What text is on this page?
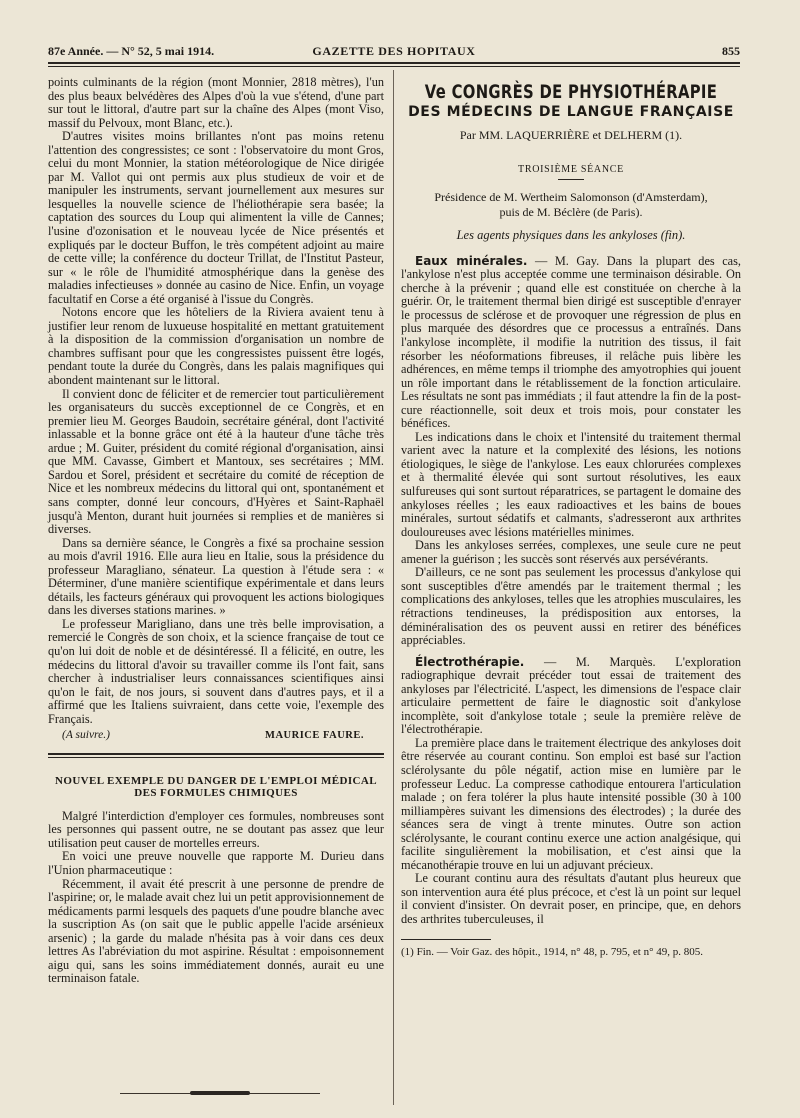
87e Année. — N° 52, 5 mai 1914.	GAZETTE DES HOPITAUX	855

points culminants de la région (mont Monnier, 2818 mètres), l'un des plus beaux belvédères des Alpes d'où la vue s'étend, d'une part sur tout le littoral, d'autre part sur la chaîne des Alpes (mont Viso, massif du Pelvoux, mont Blanc, etc.).

D'autres visites moins brillantes n'ont pas moins retenu l'attention des congressistes; ce sont : l'observatoire du mont Gros, celui du mont Monnier, la station météorologique de Nice dirigée par M. Vallot qui ont permis aux plus studieux de voir et de manipuler les instruments, servant journellement aux mesures sur lesquelles la nouvelle science de l'héliothérapie sera basée; la captation des sources du Loup qui alimentent la ville de Cannes; l'usine d'ozonisation et le nouveau lycée de Nice présentés et expliqués par le docteur Buffon, le très compétent adjoint au maire de cette ville; la conférence du docteur Trillat, de l'Institut Pasteur, sur « le rôle de l'humidité atmosphérique dans la genèse des maladies infectieuses » donnée au casino de Nice. Enfin, un voyage facultatif en Corse a été organisé à l'issue du Congrès.

Notons encore que les hôteliers de la Riviera avaient tenu à justifier leur renom de luxueuse hospitalité en mettant gratuitement à la disposition de la commission d'organisation un nombre de chambres suffisant pour que les congressistes puissent être logés, pendant toute la durée du Congrès, dans les palais magnifiques qui abondent maintenant sur le littoral.

Il convient donc de féliciter et de remercier tout particulièrement les organisateurs du succès exceptionnel de ce Congrès, et en premier lieu M. Georges Baudoin, secrétaire général, dont l'activité inlassable et la bonne grâce ont été à la hauteur d'une tâche très ardue ; M. Guiter, président du comité régional d'organisation, ainsi que MM. Cavasse, Gimbert et Mantoux, ses secrétaires ; MM. Sardou et Sorel, président et secrétaire du comité de réception de Nice et les nombreux médecins du littoral qui ont, spontanément et sans compter, donné leur concours, d'Hyères et Saint-Raphaël jusqu'à Menton, durant huit journées si remplies et de manières si diverses.

Dans sa dernière séance, le Congrès a fixé sa prochaine session au mois d'avril 1916. Elle aura lieu en Italie, sous la présidence du professeur Maragliano, sénateur. La question à l'étude sera : « Déterminer, d'une manière scientifique expérimentale et dans leurs détails, les facteurs généraux qui provoquent les actions biologiques dans les diverses stations marines. »

Le professeur Marigliano, dans une très belle improvisation, a remercié le Congrès de son choix, et la science française de tout ce qu'on lui doit de noble et de désintéressé. Il a félicité, en outre, les médecins du littoral d'avoir su travailler comme ils l'ont fait, sans chercher à industrialiser leurs connaissances scientifiques ainsi qu'on le fait, de nos jours, si souvent dans d'autres pays, et il a affirmé que les Italiens suivraient, dans cette voie, l'exemple des Français.

(A suivre.)	MAURICE FAURE.
NOUVEL EXEMPLE DU DANGER DE L'EMPLOI MÉDICAL
DES FORMULES CHIMIQUES

Malgré l'interdiction d'employer ces formules, nombreuses sont les personnes qui passent outre, ne se doutant pas assez que leur utilisation peut causer de mortelles erreurs.

En voici une preuve nouvelle que rapporte M. Durieu dans l'Union pharmaceutique :

Récemment, il avait été prescrit à une personne de prendre de l'aspirine; or, le malade avait chez lui un petit approvisionnement de médicaments parmi lesquels des paquets d'une poudre blanche avec la suscription As (on sait que le public appelle l'acide arsénieux arsenic) ; la garde du malade n'hésita pas à voir dans ces deux lettres As l'abréviation du mot aspirine. Résultat : empoisonnement aigu qui, sans les soins immédiatement donnés, aurait eu une terminaison fatale.

Ve CONGRÈS DE PHYSIOTHÉRAPIE
DES MÉDECINS DE LANGUE FRANÇAISE
Par MM. LAQUERRIÈRE et DELHERM (1).
TROISIÈME SÉANCE
Présidence de M. Wertheim Salomonson (d'Amsterdam),
puis de M. Béclère (de Paris).
Les agents physiques dans les ankyloses (fin).

Eaux minérales. — M. Gay. Dans la plupart des cas, l'ankylose n'est plus acceptée comme une terminaison désirable. On cherche à la prévenir ; quand elle est constituée on cherche à la guérir. Or, le traitement thermal bien dirigé est susceptible d'enrayer le processus de sclérose et de provoquer une régression de plus en plus marquée des désordres que ce processus a entraînés. Dans l'ankylose incomplète, il modifie la nutrition des tissus, il fait résorber les néoformations fibreuses, il relâche puis libère les adhérences, en même temps il triomphe des amyotrophies qui jouent un rôle important dans le rétablissement de la fonction articulaire. Les résultats ne sont pas immédiats ; il faut attendre la fin de la post-cure réactionnelle, soit deux et trois mois, pour constater les bénéfices.

Les indications dans le choix et l'intensité du traitement thermal varient avec la nature et la complexité des lésions, les notions étiologiques, le siège de l'ankylose. Les eaux chlorurées complexes et à thermalité élevée qui sont surtout résolutives, les eaux sulfureuses qui sont surtout réparatrices, se partagent le domaine des ankyloses réelles ; les eaux radioactives et les bains de boues minérales, surtout sédatifs et calmants, s'adresseront aux arthrites douloureuses avec lésions matérielles minimes.

Dans les ankyloses serrées, complexes, une seule cure ne peut amener la guérison ; les succès sont réservés aux persévérants.

D'ailleurs, ce ne sont pas seulement les processus d'ankylose qui sont susceptibles d'être amendés par le traitement thermal ; les complications des ankyloses, telles que les atrophies musculaires, les rétractions tendineuses, la prédisposition aux entorses, la déminéralisation des os peuvent aussi en retirer des bénéfices appréciables.

Électrothérapie. — M. Marquès. L'exploration radiographique devrait précéder tout essai de traitement des ankyloses par l'électricité. L'aspect, les dimensions de l'espace clair articulaire permettent de faire le diagnostic soit d'ankylose incomplète, soit d'ankylose totale ; seule la première relève de l'électrothérapie.

La première place dans le traitement électrique des ankyloses doit être réservée au courant continu. Son emploi est basé sur l'action sclérolysante du pôle négatif, action mise en lumière par le professeur Leduc. La compresse cathodique entourera l'articulation malade ; on fera tolérer la plus haute intensité possible (30 à 100 milliampères suivant les dimensions des électrodes) ; la durée des séances sera de vingt à trente minutes. Outre son action sclérolysante, le courant continu exerce une action analgésique, qui facilite singulièrement la mobilisation, et c'est ainsi que la mécanothérapie trouve en lui un adjuvant précieux.

Le courant continu aura des résultats d'autant plus heureux que son intervention aura été plus précoce, et c'est là un point sur lequel il convient d'insister. On devrait poser, en principe, que, en dehors des arthrites tuberculeuses, il

(1) Fin. — Voir Gaz. des hôpit., 1914, n° 48, p. 795, et n° 49, p. 805.
